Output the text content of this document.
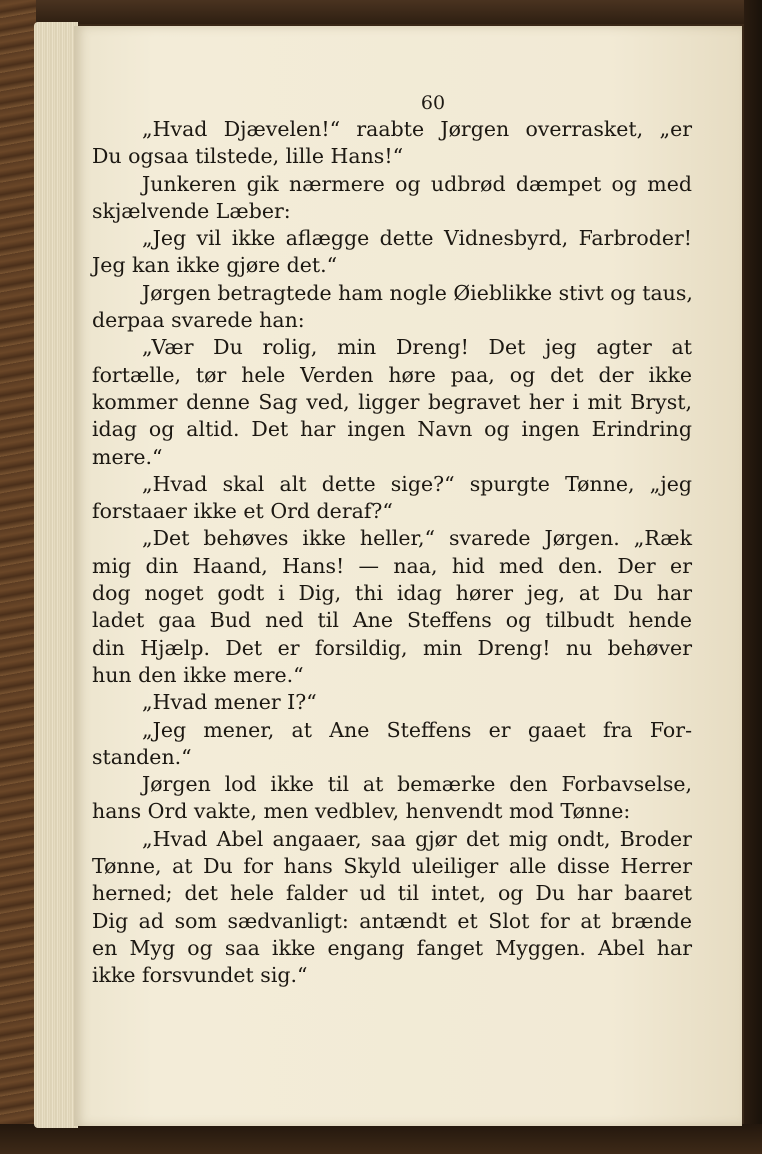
60
„Hvad Djævelen!“ raabte Jørgen overrasket, „er
Du ogsaa tilstede, lille Hans!“
Junkeren gik nærmere og udbrød dæmpet og med
skjælvende Læber:
„Jeg vil ikke aflægge dette Vidnesbyrd, Farbroder!
Jeg kan ikke gjøre det.“
Jørgen betragtede ham nogle Øieblikke stivt og taus,
derpaa svarede han:
„Vær Du rolig, min Dreng! Det jeg agter at
fortælle, tør hele Verden høre paa, og det der ikke
kommer denne Sag ved, ligger begravet her i mit Bryst,
idag og altid. Det har ingen Navn og ingen Erindring
mere.“
„Hvad skal alt dette sige?“ spurgte Tønne, „jeg
forstaaer ikke et Ord deraf?“
„Det behøves ikke heller,“ svarede Jørgen. „Ræk
mig din Haand, Hans! — naa, hid med den. Der er
dog noget godt i Dig, thi idag hører jeg, at Du har
ladet gaa Bud ned til Ane Steffens og tilbudt hende
din Hjælp. Det er forsildig, min Dreng! nu behøver
hun den ikke mere.“
„Hvad mener I?“
„Jeg mener, at Ane Steffens er gaaet fra For-
standen.“
Jørgen lod ikke til at bemærke den Forbavselse,
hans Ord vakte, men vedblev, henvendt mod Tønne:
„Hvad Abel angaaer, saa gjør det mig ondt, Broder
Tønne, at Du for hans Skyld uleiliger alle disse Herrer
herned; det hele falder ud til intet, og Du har baaret
Dig ad som sædvanligt: antændt et Slot for at brænde
en Myg og saa ikke engang fanget Myggen. Abel har
ikke forsvundet sig.“
